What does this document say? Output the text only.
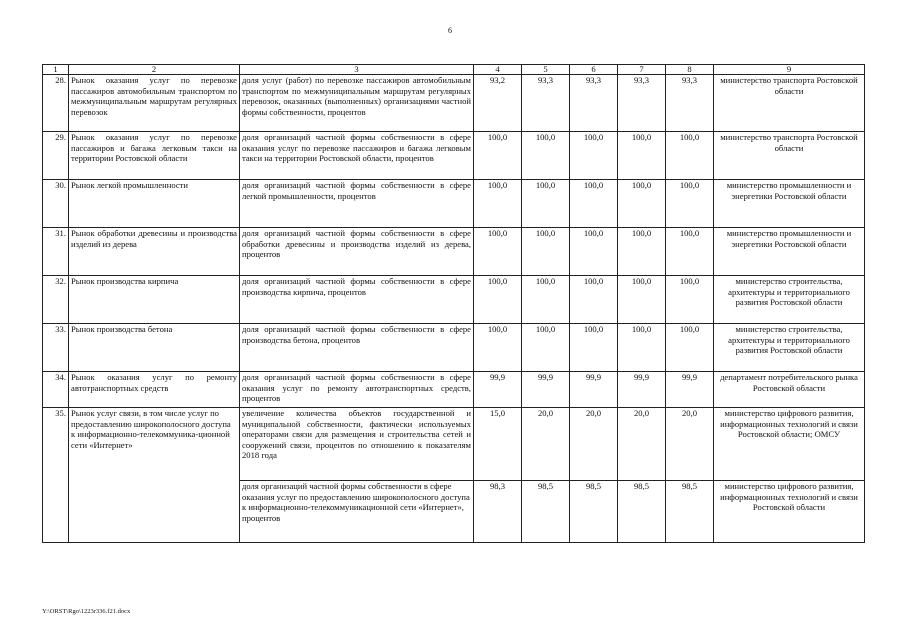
6
1	2	3	4	5	6	7	8	9
28.	Рынок оказания услуг по перевозке пассажиров автомобильным транспортом по межмуниципальным маршрутам регулярных перевозок	доля услуг (работ) по перевозке пассажиров автомобильным транспортом по межмуниципальным маршрутам регулярных перевозок, оказанных (выполненных) организациями частной формы собственности, процентов	93,2	93,3	93,3	93,3	93,3	министерство транспорта Ростовской области
29.	Рынок оказания услуг по перевозке пассажиров и багажа легковым такси на территории Ростовской области	доля организаций частной формы собственности в сфере оказания услуг по перевозке пассажиров и багажа легковым такси на территории Ростовской области, процентов	100,0	100,0	100,0	100,0	100,0	министерство транспорта Ростовской области
30.	Рынок легкой промышленности	доля организаций частной формы собственности в сфере легкой промышленности, процентов	100,0	100,0	100,0	100,0	100,0	министерство промышленности и энергетики Ростовской области
31.	Рынок обработки древесины и производства изделий из дерева	доля организаций частной формы собственности в сфере обработки древесины и производства изделий из дерева, процентов	100,0	100,0	100,0	100,0	100,0	министерство промышленности и энергетики Ростовской области
32.	Рынок производства кирпича	доля организаций частной формы собственности в сфере производства кирпича, процентов	100,0	100,0	100,0	100,0	100,0	министерство строительства, архитектуры и территориального развития Ростовской области
33.	Рынок производства бетона	доля организаций частной формы собственности в сфере производства бетона, процентов	100,0	100,0	100,0	100,0	100,0	министерство строительства, архитектуры и территориального развития Ростовской области
34.	Рынок оказания услуг по ремонту автотранспортных средств	доля организаций частной формы собственности в сфере оказания услуг по ремонту автотранспортных средств, процентов	99,9	99,9	99,9	99,9	99,9	департамент потребительского рынка Ростовской области
35.	Рынок услуг связи, в том числе услуг по предоставлению широкополосного доступа к информационно-телекоммуника-ционной сети «Интернет»	увеличение количества объектов государственной и муниципальной собственности, фактически используемых операторами связи для размещения и строительства сетей и сооружений связи, процентов по отношению к показателям 2018 года	15,0	20,0	20,0	20,0	20,0	министерство цифрового развития, информационных технологий и связи Ростовской области; ОМСУ
		доля организаций частной формы собственности в сфере оказания услуг по предоставлению широкополосного доступа к информационно-телекоммуникационной сети «Интернет», процентов	98,3	98,5	98,5	98,5	98,5	министерство цифрового развития, информационных технологий и связи Ростовской области
Y:\ORST\Rgo\1223r336.f21.docx
